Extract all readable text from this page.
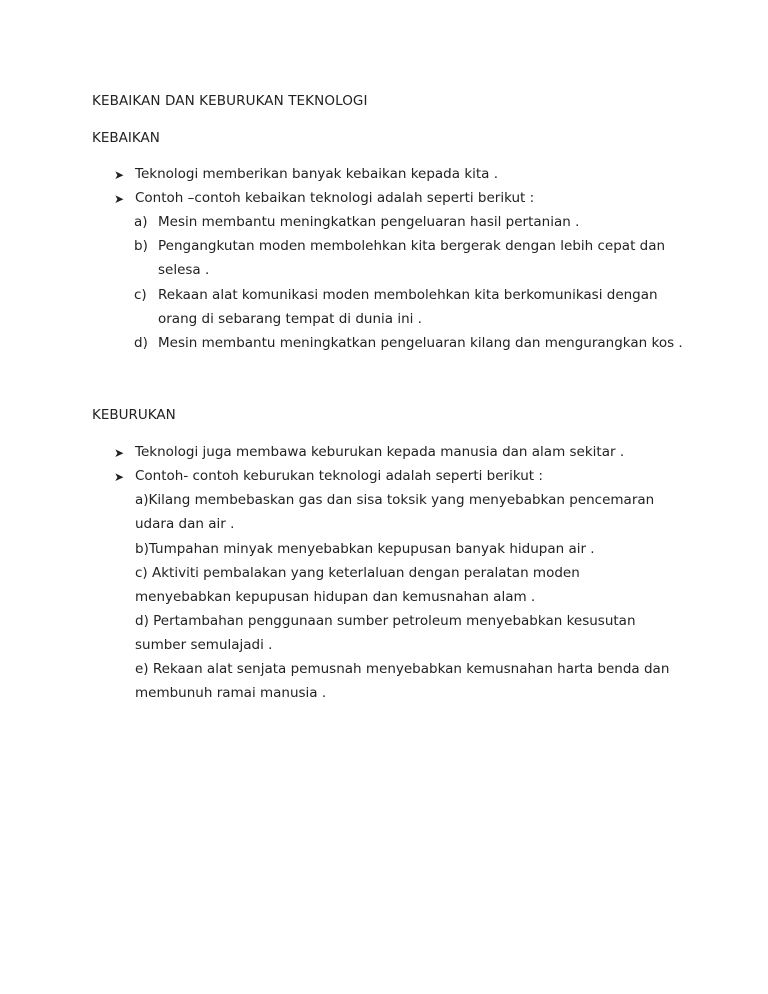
KEBAIKAN DAN KEBURUKAN TEKNOLOGI
KEBAIKAN
➤ Teknologi memberikan banyak kebaikan kepada kita .
➤ Contoh –contoh kebaikan teknologi adalah seperti berikut :
a) Mesin membantu meningkatkan pengeluaran hasil pertanian .
b) Pengangkutan moden membolehkan kita bergerak dengan lebih cepat dan
selesa .
c) Rekaan alat komunikasi moden membolehkan kita berkomunikasi dengan
orang di sebarang tempat di dunia ini .
d) Mesin membantu meningkatkan pengeluaran kilang dan mengurangkan kos .
KEBURUKAN
➤ Teknologi juga membawa keburukan kepada manusia dan alam sekitar .
➤ Contoh- contoh keburukan teknologi adalah seperti berikut :
a)Kilang membebaskan gas dan sisa toksik yang menyebabkan pencemaran
udara dan air .
b)Tumpahan minyak menyebabkan kepupusan banyak hidupan air .
c) Aktiviti pembalakan yang keterlaluan dengan peralatan moden
menyebabkan kepupusan hidupan dan kemusnahan alam .
d) Pertambahan penggunaan sumber petroleum menyebabkan kesusutan
sumber semulajadi .
e) Rekaan alat senjata pemusnah menyebabkan kemusnahan harta benda dan
membunuh ramai manusia .
